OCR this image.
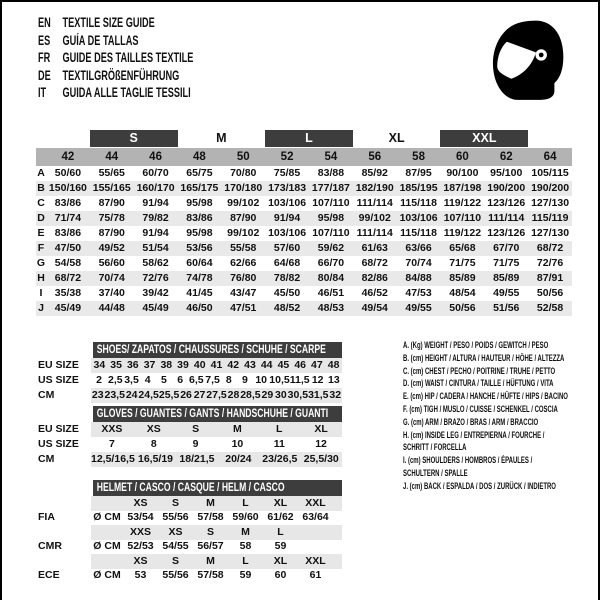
EN TEXTILE SIZE GUIDE
ES GUÍA DE TALLAS
FR GUIDE DES TAILLES TEXTILE
DE TEXTILGRÖßENFÜHRUNG
IT GUIDA ALLE TAGLIE TESSILI
S	M	L	XL	XXL
42	44	46	48	50	52	54	56	58	60	62	64
A 50/60	55/65	60/70	65/75	70/80	75/85	83/88	85/92	87/95	90/100	95/100 105/115
B 150/160 155/165 160/170 165/175 170/180 173/183 177/187 182/190 185/195 187/198 190/200 190/200
C 83/86	87/90	91/94	95/98	99/102 103/106 107/110 111/114 115/118 119/122 123/126 127/130
D 71/74	75/78	79/82	83/86	87/90	91/94	95/98	99/102 103/106 107/110 111/114 115/119
E 83/86	87/90	91/94	95/98	99/102 103/106 107/110 111/114 115/118 119/122 123/126 127/130
F	47/50	49/52	51/54	53/56	55/58	57/60	59/62	61/63	63/66	65/68	67/70	68/72
G 54/58	56/60	58/62	60/64	62/66	64/68	66/70	68/72	70/74	71/75	71/75	72/76
H 68/72	70/74	72/76	74/78	76/80	78/82	80/84	82/86	84/88	85/89	85/89	87/91
I	35/38	37/40	39/42	41/45	43/47	45/50	46/51	46/52	47/53	48/54	49/55	50/56
J	45/49	44/48	45/49	46/50	47/51	48/52	48/53	49/54	49/55	50/56	51/56	52/58
SHOES/ ZAPATOS / CHAUSSURES / SCHUHE / SCARPE
EU SIZE 34 35 36 37 38 39 40 41 42 43 44 45 46 47 48
US SIZE	2 2,5 3,5 4 5 6 6,5 7,5 8 9 10 10,5 11,5 12 13
CM	23 23,5 24 24,5 25,5 26 27 27,5 28 28,5 29 30 30,5 31,5 32
GLOVES / GUANTES / GANTS / HANDSCHUHE / GUANTI
EU SIZE	XXS	XS	S	M	L	XL
US SIZE	7	8	9	10	11	12
CM	12,5/16,5 16,5/19 18/21,5	20/24	23/26,5 25,5/30
HELMET / CASCO / CASQUE / HELM / CASCO
XS	S	M	L	XL	XXL
FIA	Ø CM 53/54 55/56 57/58 59/60 61/62 63/64
XXS	XS	S	M	L
CMR	Ø CM 52/53 54/55 56/57	58	59
XS	S	M	L	XL	XXL
ECE	Ø CM	53	55/56 57/58	59	60	61
A. (Kg) WEIGHT / PESO / POIDS / GEWITCH / PESO
B. (cm) HEIGHT / ALTURA / HAUTEUR / HÖHE / ALTEZZA
C. (cm) CHEST / PECHO / POITRINE / TRUHE / PETTO
D. (cm) WAIST / CINTURA / TAILLE / HÜFTUNG / VITA
E. (cm) HIP / CADERA / HANCHE / HÜFTE / HIPS / BACINO
F. (cm) TIGH / MUSLO / CUISSE / SCHENKEL / COSCIA
G. (cm) ARM / BRAZO / BRAS / ARM / BRACCIO
H. (cm) INSIDE LEG / ENTREPIERNA / FOURCHE /
SCHRITT / FORCELLA
I. (cm) SHOULDERS / HOMBROS / ÉPAULES /
SCHULTERN / SPALLE
J. (cm) BACK / ESPALDA / DOS / ZURÜCK / INDIETRO
